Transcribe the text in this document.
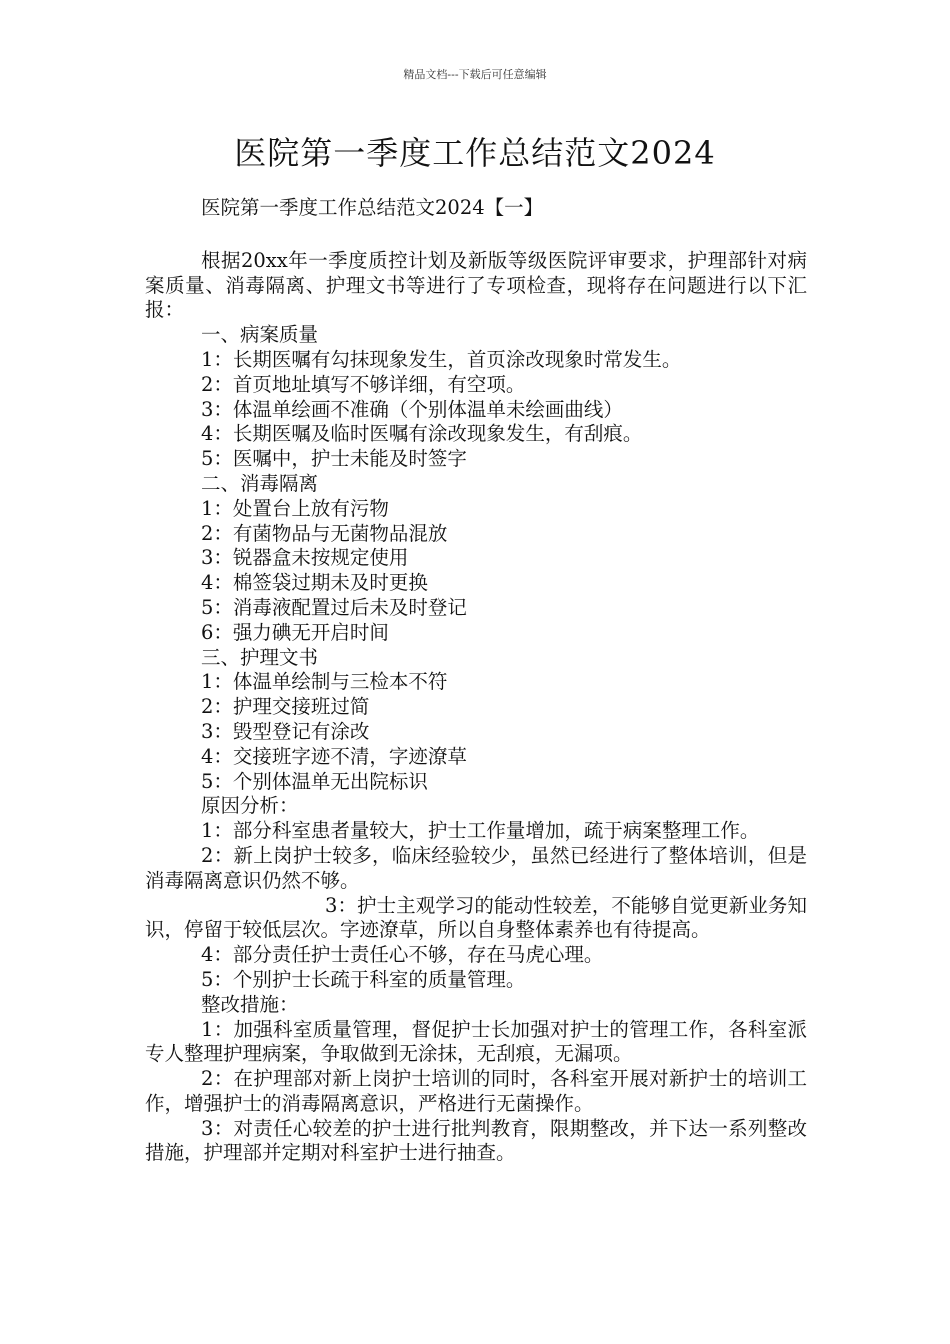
精品文档---下载后可任意编辑
医院第一季度工作总结范文2024

医院第一季度工作总结范文2024【一】

根据20xx年一季度质控计划及新版等级医院评审要求，护理部针对病案质量、消毒隔离、护理文书等进行了专项检查，现将存在问题进行以下汇报：

一、病案质量

1：长期医嘱有勾抹现象发生，首页涂改现象时常发生。

2：首页地址填写不够详细，有空项。

3：体温单绘画不准确（个别体温单未绘画曲线）

4：长期医嘱及临时医嘱有涂改现象发生，有刮痕。

5：医嘱中，护士未能及时签字

二、消毒隔离

1：处置台上放有污物

2：有菌物品与无菌物品混放

3：锐器盒未按规定使用

4：棉签袋过期未及时更换

5：消毒液配置过后未及时登记

6：强力碘无开启时间

三、护理文书

1：体温单绘制与三检本不符

2：护理交接班过简

3：毁型登记有涂改

4：交接班字迹不清，字迹潦草

5：个别体温单无出院标识

原因分析：

1：部分科室患者量较大，护士工作量增加，疏于病案整理工作。

2：新上岗护士较多，临床经验较少，虽然已经进行了整体培训，但是消毒隔离意识仍然不够。

3：护士主观学习的能动性较差，不能够自觉更新业务知识，停留于较低层次。字迹潦草，所以自身整体素养也有待提高。

4：部分责任护士责任心不够，存在马虎心理。

5：个别护士长疏于科室的质量管理。

整改措施：

1：加强科室质量管理，督促护士长加强对护士的管理工作，各科室派专人整理护理病案，争取做到无涂抹，无刮痕，无漏项。

2：在护理部对新上岗护士培训的同时，各科室开展对新护士的培训工作，增强护士的消毒隔离意识，严格进行无菌操作。

3：对责任心较差的护士进行批判教育，限期整改，并下达一系列整改措施，护理部并定期对科室护士进行抽查。
